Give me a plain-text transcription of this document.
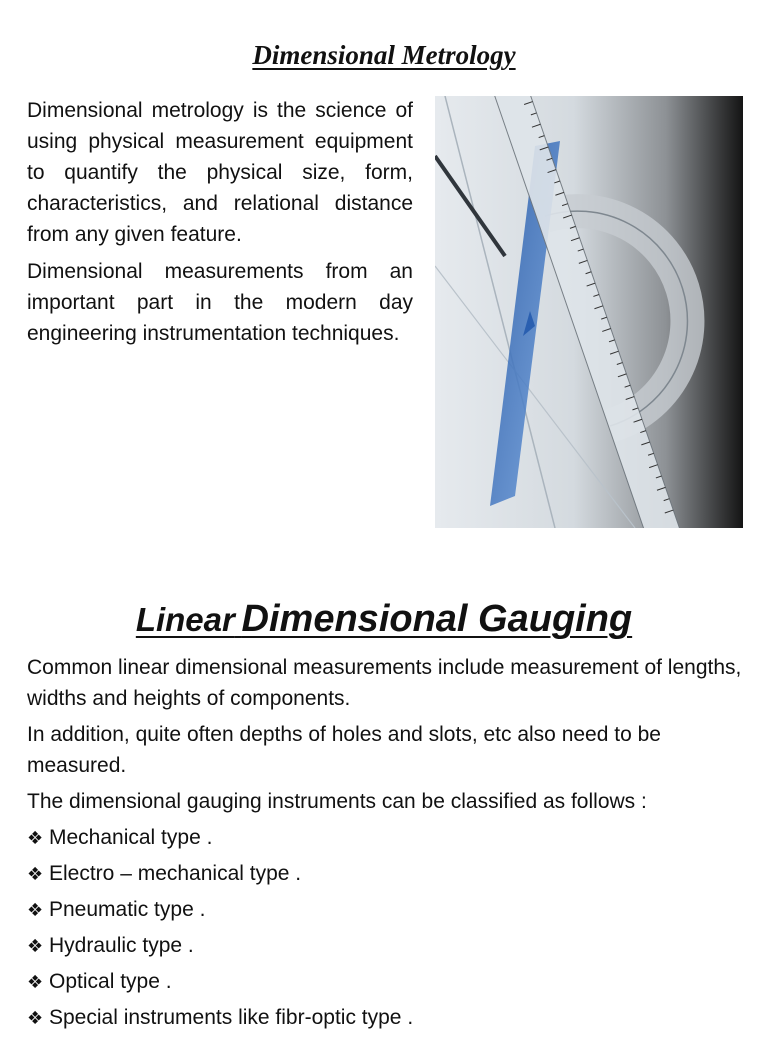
Dimensional Metrology

Dimensional metrology is the science of using physical measurement equipment to quantify the physical size, form, characteristics, and relational distance from any given feature.

Dimensional measurements from an important part in the modern day engineering instrumentation techniques.

Linear Dimensional Gauging

Common linear dimensional measurements include measurement of lengths, widths and heights of components.

In addition, quite often depths of holes and slots, etc also need to be measured.

The dimensional gauging instruments can be classified as follows :

❖ Mechanical type .
❖ Electro – mechanical type .
❖ Pneumatic type .
❖ Hydraulic type .
❖ Optical type .
❖ Special instruments like fibr-optic type .
